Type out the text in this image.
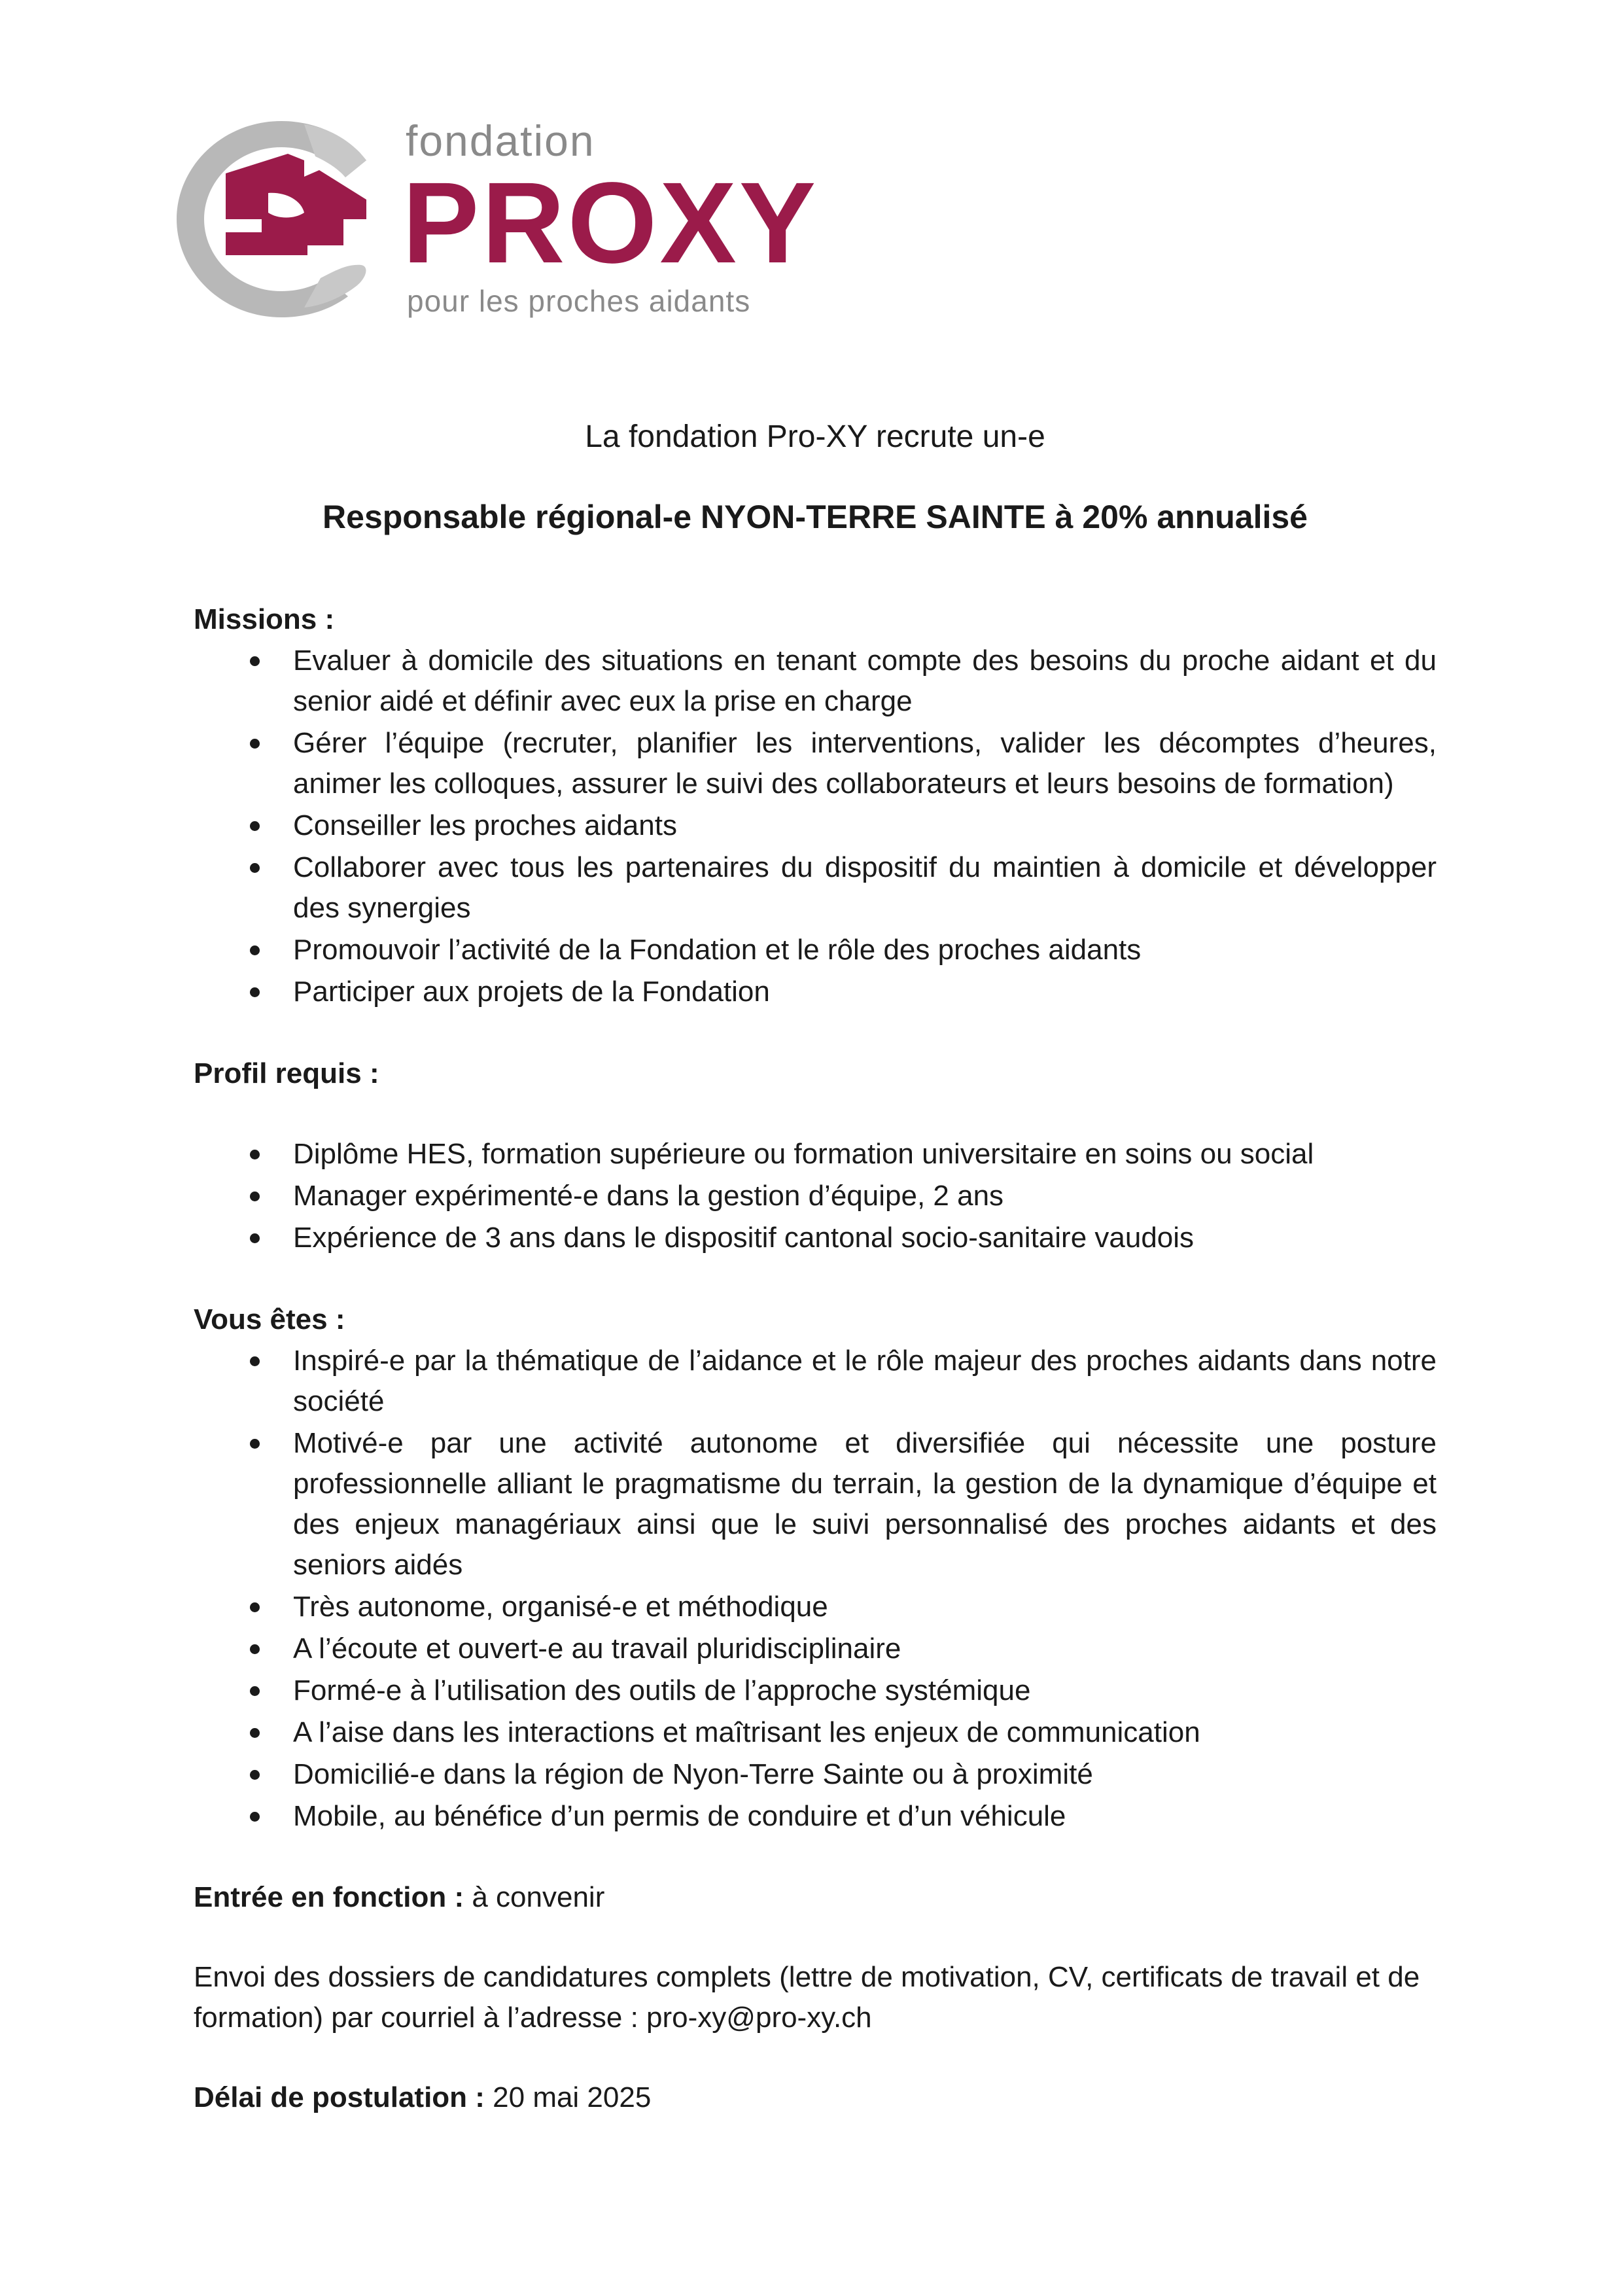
fondation
PROXY
pour les proches aidants

La fondation Pro-XY recrute un-e

Responsable régional-e NYON-TERRE SAINTE à 20% annualisé

Missions :

Evaluer à domicile des situations en tenant compte des besoins du proche aidant et du senior aidé et définir avec eux la prise en charge
Gérer l’équipe (recruter, planifier les interventions, valider les décomptes d’heures, animer les colloques, assurer le suivi des collaborateurs et leurs besoins de formation)
Conseiller les proches aidants
Collaborer avec tous les partenaires du dispositif du maintien à domicile et développer des synergies
Promouvoir l’activité de la Fondation et le rôle des proches aidants
Participer aux projets de la Fondation

Profil requis :

Diplôme HES, formation supérieure ou formation universitaire en soins ou social
Manager expérimenté-e dans la gestion d’équipe, 2 ans
Expérience de 3 ans dans le dispositif cantonal socio-sanitaire vaudois

Vous êtes :

Inspiré-e par la thématique de l’aidance et le rôle majeur des proches aidants dans notre société
Motivé-e par une activité autonome et diversifiée qui nécessite une posture professionnelle alliant le pragmatisme du terrain, la gestion de la dynamique d’équipe et des enjeux managériaux ainsi que le suivi personnalisé des proches aidants et des seniors aidés
Très autonome, organisé-e et méthodique
A l’écoute et ouvert-e au travail pluridisciplinaire
Formé-e à l’utilisation des outils de l’approche systémique
A l’aise dans les interactions et maîtrisant les enjeux de communication
Domicilié-e dans la région de Nyon-Terre Sainte ou à proximité
Mobile, au bénéfice d’un permis de conduire et d’un véhicule

Entrée en fonction : à convenir

Envoi des dossiers de candidatures complets (lettre de motivation, CV, certificats de travail et de formation) par courriel à l’adresse : pro-xy@pro-xy.ch

Délai de postulation : 20 mai 2025
